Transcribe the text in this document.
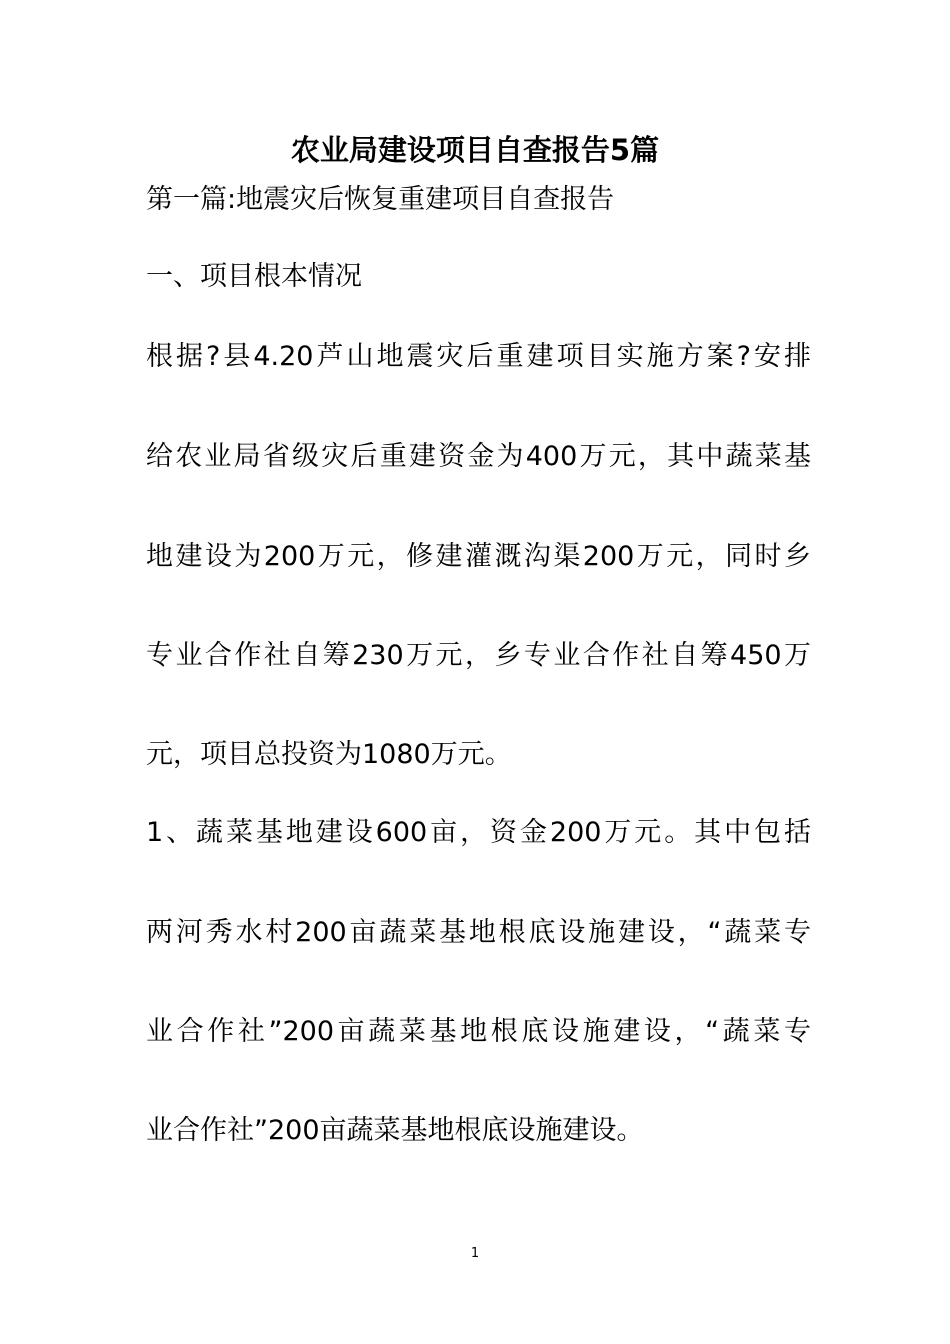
农业局建设项目自查报告5篇
第一篇:地震灾后恢复重建项目自查报告
一、项目根本情况
根据?县4.20芦山地震灾后重建项目实施方案?安排
给农业局省级灾后重建资金为400万元，其中蔬菜基
地建设为200万元，修建灌溉沟渠200万元，同时乡
专业合作社自筹230万元，乡专业合作社自筹450万
元，项目总投资为1080万元。
1、蔬菜基地建设600亩，资金200万元。其中包括
两河秀水村200亩蔬菜基地根底设施建设，“蔬菜专
业合作社”200亩蔬菜基地根底设施建设，“蔬菜专
业合作社”200亩蔬菜基地根底设施建设。
1
